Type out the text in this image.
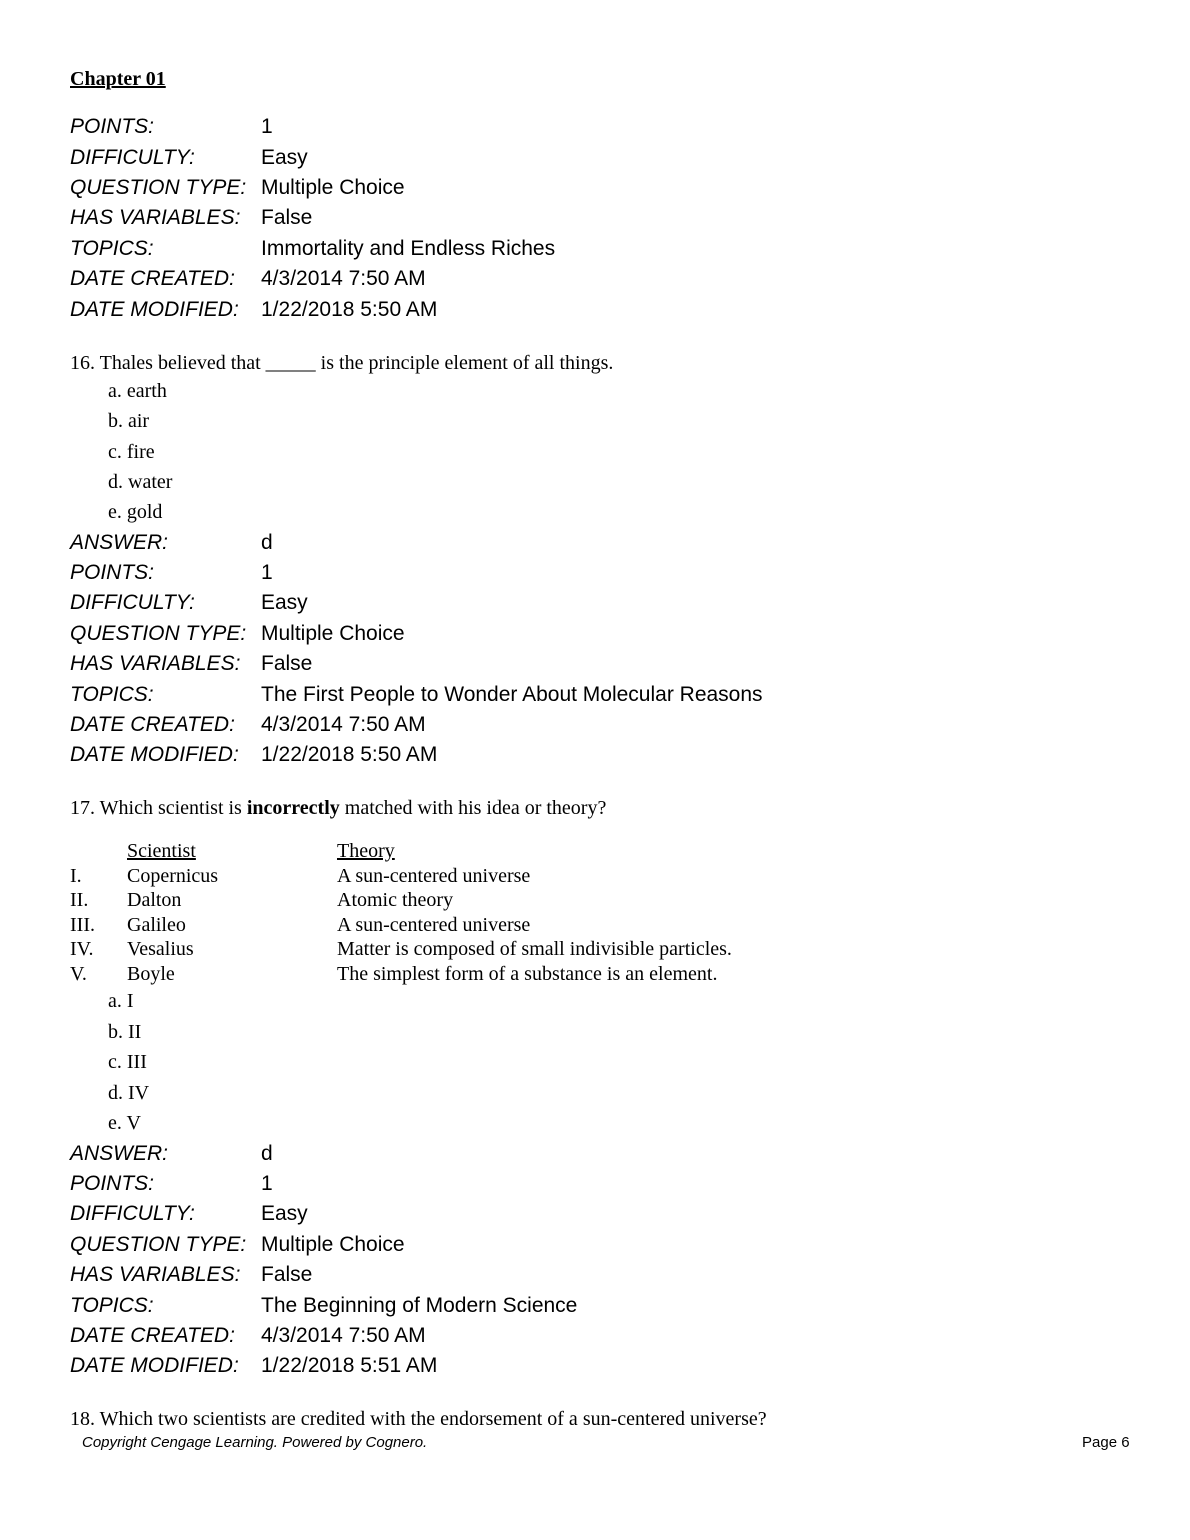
Chapter 01
POINTS:	1
DIFFICULTY:	Easy
QUESTION TYPE: Multiple Choice
HAS VARIABLES: False
TOPICS:	Immortality and Endless Riches
DATE CREATED: 4/3/2014 7:50 AM
DATE MODIFIED: 1/22/2018 5:50 AM
16. Thales believed that _____ is the principle element of all things.
a. earth
b. air
c. fire
d. water
e. gold
ANSWER:	d
POINTS:	1
DIFFICULTY:	Easy
QUESTION TYPE: Multiple Choice
HAS VARIABLES: False
TOPICS:	The First People to Wonder About Molecular Reasons
DATE CREATED: 4/3/2014 7:50 AM
DATE MODIFIED: 1/22/2018 5:50 AM
17. Which scientist is incorrectly matched with his idea or theory?
Scientist	Theory
I. Copernicus	A sun-centered universe
II. Dalton	Atomic theory
III. Galileo	A sun-centered universe
IV. Vesalius	Matter is composed of small indivisible particles.
V. Boyle	The simplest form of a substance is an element.
a. I
b. II
c. III
d. IV
e. V
ANSWER:	d
POINTS:	1
DIFFICULTY:	Easy
QUESTION TYPE: Multiple Choice
HAS VARIABLES: False
TOPICS:	The Beginning of Modern Science
DATE CREATED: 4/3/2014 7:50 AM
DATE MODIFIED: 1/22/2018 5:51 AM
18. Which two scientists are credited with the endorsement of a sun-centered universe?
Copyright Cengage Learning. Powered by Cognero.	Page 6
